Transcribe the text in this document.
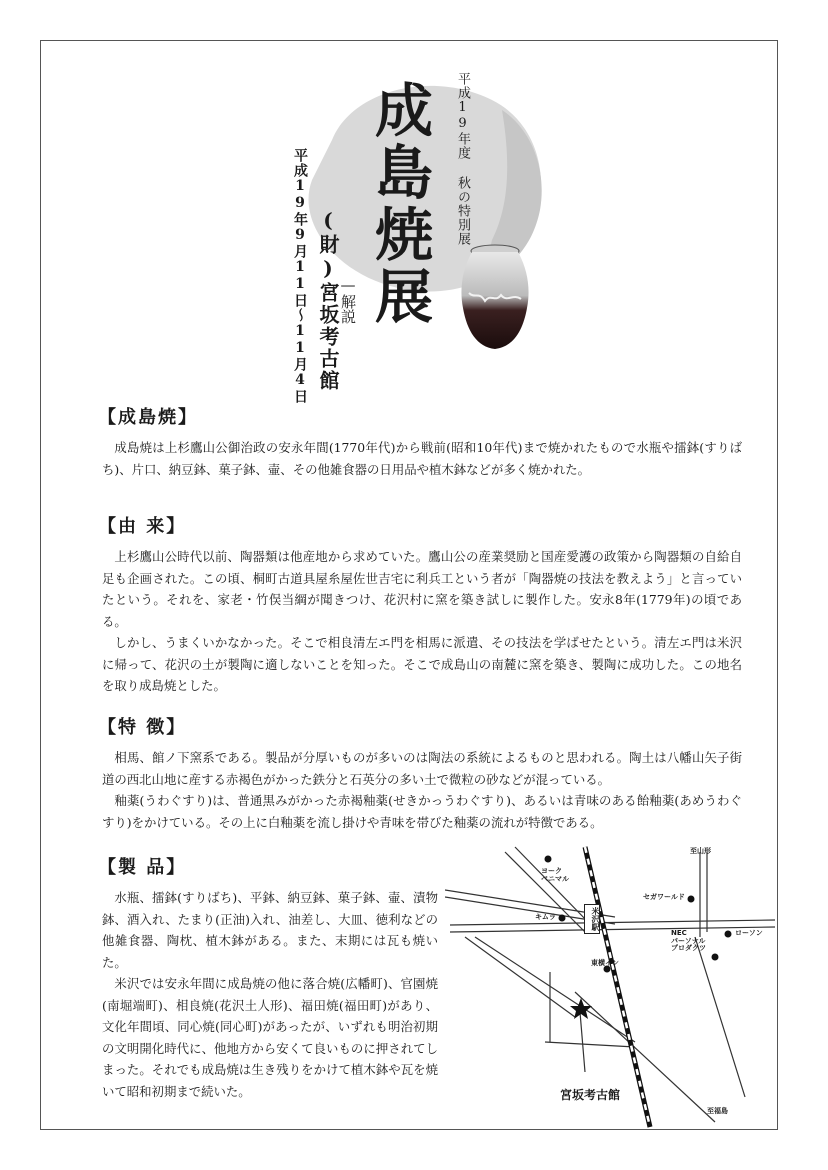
平成19年度 秋の特別展
成島焼展
—解説
(財)宮坂考古館
平成19年9月11日〜11月4日
【成島焼】

成島焼は上杉鷹山公御治政の安永年間(1770年代)から戦前(昭和10年代)まで焼かれたもので水瓶や擂鉢(すりばち)、片口、納豆鉢、菓子鉢、壷、その他雑食器の日用品や植木鉢などが多く焼かれた。

【由 来】

上杉鷹山公時代以前、陶器類は他産地から求めていた。鷹山公の産業奨励と国産愛護の政策から陶器類の自給自足も企画された。この頃、桐町古道具屋糸屋佐世吉宅に利兵工という者が「陶器焼の技法を教えよう」と言っていたという。それを、家老・竹俣当綱が聞きつけ、花沢村に窯を築き試しに製作した。安永8年(1779年)の頃である。

しかし、うまくいかなかった。そこで相良清左エ門を相馬に派遣、その技法を学ばせたという。清左エ門は米沢に帰って、花沢の土が製陶に適しないことを知った。そこで成島山の南麓に窯を築き、製陶に成功した。この地名を取り成島焼とした。

【特 徴】

相馬、館ノ下窯系である。製品が分厚いものが多いのは陶法の系統によるものと思われる。陶土は八幡山矢子街道の西北山地に産する赤褐色がかった鉄分と石英分の多い土で微粒の砂などが混っている。

釉薬(うわぐすり)は、普通黒みがかった赤褐釉薬(せきかっうわぐすり)、あるいは青味のある飴釉薬(あめうわぐすり)をかけている。その上に白釉薬を流し掛けや青味を帯びた釉薬の流れが特徴である。

【製 品】

水瓶、擂鉢(すりばち)、平鉢、納豆鉢、菓子鉢、壷、漬物鉢、酒入れ、たまり(正油)入れ、油差し、大皿、徳利などの他雑食器、陶枕、植木鉢がある。また、末期には瓦も焼いた。

米沢では安永年間に成島焼の他に落合焼(広幡町)、官園焼(南堀端町)、相良焼(花沢土人形)、福田焼(福田町)があり、文化年間頃、同心焼(同心町)があったが、いずれも明治初期の文明開化時代に、他地方から安くて良いものに押されてしまった。それでも成島焼は生き残りをかけて植木鉢や瓦を焼いて昭和初期まで続いた。

至山形
ヨーク
ベニマル
セガワールド
キムラ
ローソン
NEC
パーソナル
プロダクツ
東横イン
至福島
米沢駅
宮坂考古館
